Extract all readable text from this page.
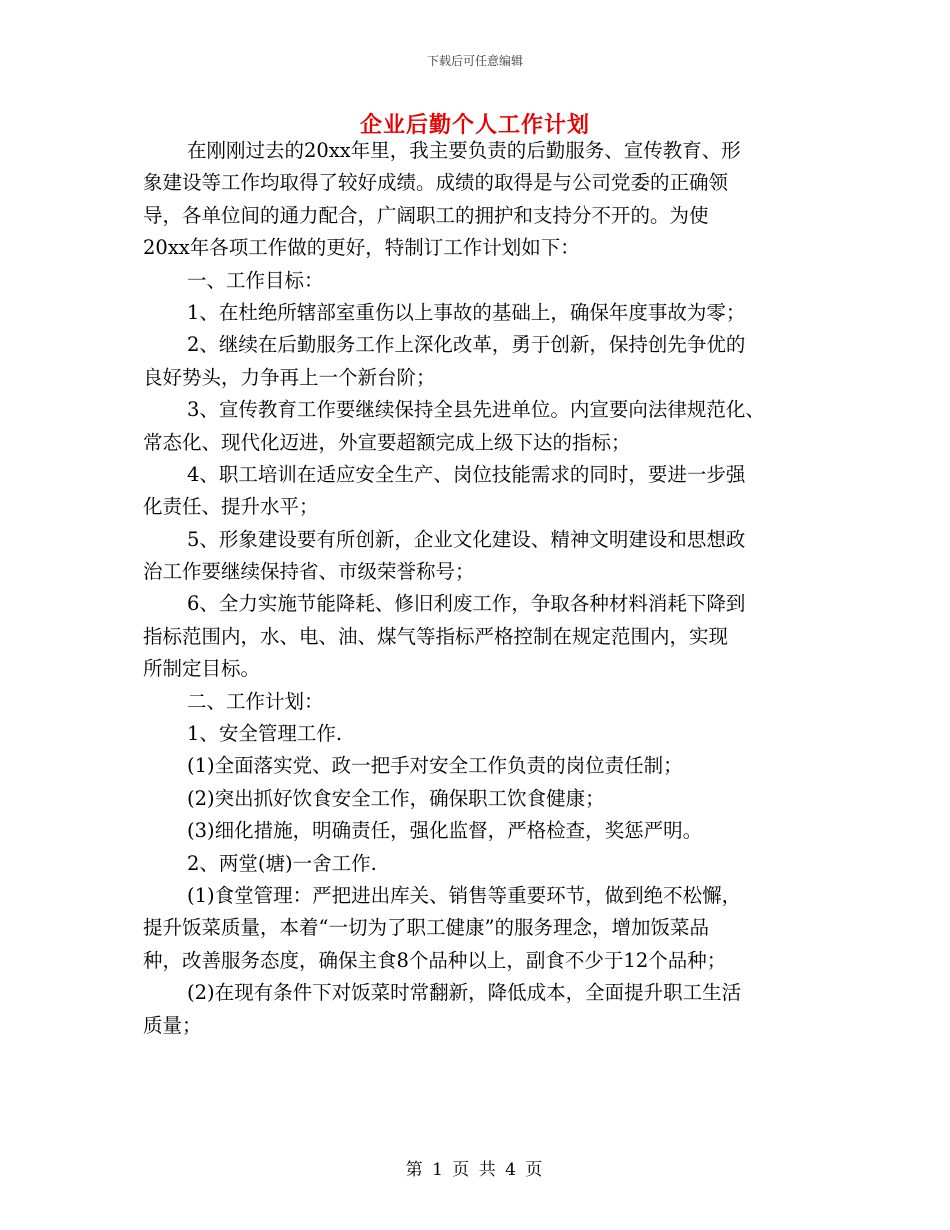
下载后可任意编辑
企业后勤个人工作计划
在刚刚过去的20xx年里，我主要负责的后勤服务、宣传教育、形
象建设等工作均取得了较好成绩。成绩的取得是与公司党委的正确领
导，各单位间的通力配合，广阔职工的拥护和支持分不开的。为使
20xx年各项工作做的更好，特制订工作计划如下：
一、工作目标：
1、在杜绝所辖部室重伤以上事故的基础上，确保年度事故为零；
2、继续在后勤服务工作上深化改革，勇于创新，保持创先争优的
良好势头，力争再上一个新台阶；
3、宣传教育工作要继续保持全县先进单位。内宣要向法律规范化、
常态化、现代化迈进，外宣要超额完成上级下达的指标；
4、职工培训在适应安全生产、岗位技能需求的同时，要进一步强
化责任、提升水平；
5、形象建设要有所创新，企业文化建设、精神文明建设和思想政
治工作要继续保持省、市级荣誉称号；
6、全力实施节能降耗、修旧利废工作，争取各种材料消耗下降到
指标范围内，水、电、油、煤气等指标严格控制在规定范围内，实现
所制定目标。
二、工作计划：
1、安全管理工作.
(1)全面落实党、政一把手对安全工作负责的岗位责任制；
(2)突出抓好饮食安全工作，确保职工饮食健康；
(3)细化措施，明确责任，强化监督，严格检查，奖惩严明。
2、两堂(塘)一舍工作.
(1)食堂管理：严把进出库关、销售等重要环节，做到绝不松懈，
提升饭菜质量，本着“一切为了职工健康”的服务理念，增加饭菜品
种，改善服务态度，确保主食8个品种以上，副食不少于12个品种；
(2)在现有条件下对饭菜时常翻新，降低成本，全面提升职工生活
质量；
第 1 页 共 4 页
